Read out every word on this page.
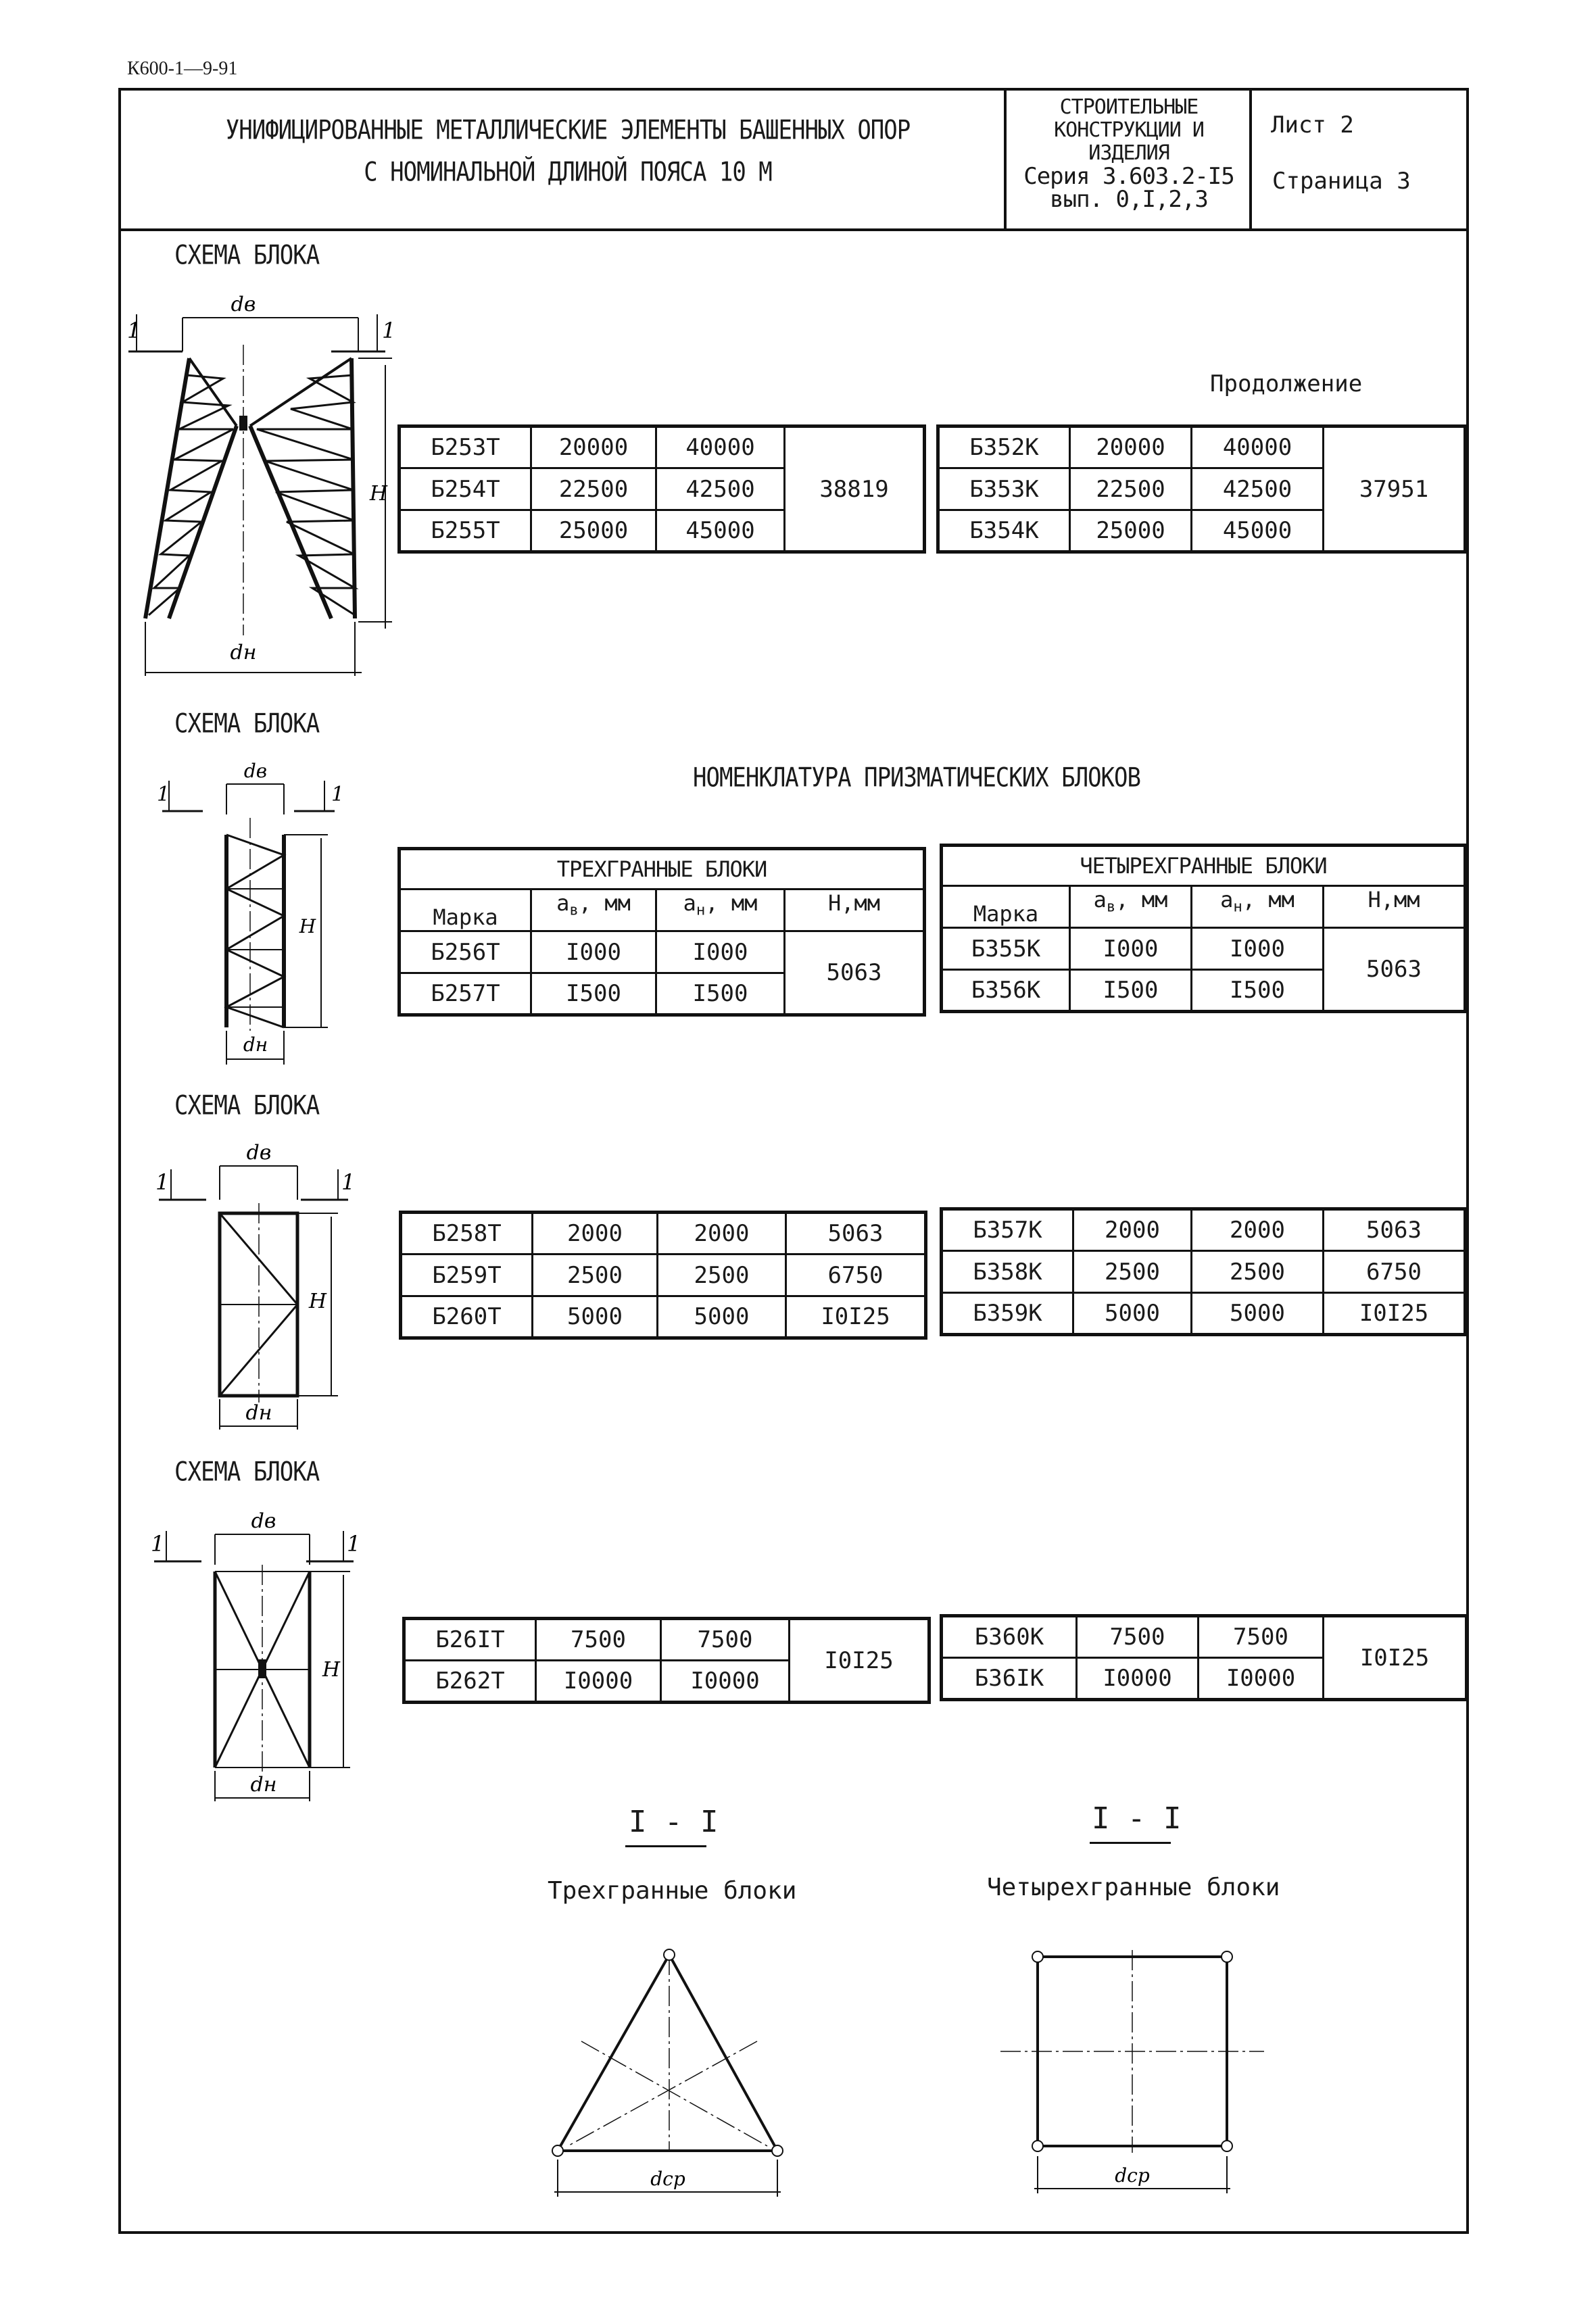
К600-1—9-91
УНИФИЦИРОВАННЫЕ МЕТАЛЛИЧЕСКИЕ ЭЛЕМЕНТЫ БАШЕННЫХ ОПОР
С НОМИНАЛЬНОЙ ДЛИНОЙ ПОЯСА 10 М
СТРОИТЕЛЬНЫЕ
КОНСТРУКЦИИ И
ИЗДЕЛИЯ
Серия 3.603.2-I5
вып. 0,I,2,3
Лист 2
Страница 3
СХЕМА БЛОКА
dв
dн
H
1	1
Продолжение
Б253Т	20000	40000	38819
Б254Т	22500	42500	
Б255Т	25000	45000	
Б352К	20000	40000	37951
Б353К	22500	42500	
Б354К	25000	45000	
СХЕМА БЛОКА
dв
dн
H
1	1
НОМЕНКЛАТУРА ПРИЗМАТИЧЕСКИХ БЛОКОВ
ТРЕХГРАННЫЕ БЛОКИ			
Марка	$а_в$, мм	$а_н$, мм	Н,мм
Б256Т	I000	I000	5063
Б257Т	I500	I500	
ЧЕТЫРЕХГРАННЫЕ БЛОКИ			
Марка	$а_в$, мм	$а_н$, мм	Н,мм
Б355К	I000	I000	5063
Б356К	I500	I500	
СХЕМА БЛОКА
dв
dн
H
1	1
Б258Т	2000	2000	5063
Б259Т	2500	2500	6750
Б260Т	5000	5000	I0I25
Б357К	2000	2000	5063
Б358К	2500	2500	6750
Б359К	5000	5000	I0I25
СХЕМА БЛОКА
dв
dн
H
1	1
Б26IТ	7500	7500	I0I25
Б262Т	I0000	I0000	
Б360К	7500	7500	I0I25
Б36IК	I0000	I0000	
I - I
Трехгранные блоки
I - I
Четырехгранные блоки
dср	dср
